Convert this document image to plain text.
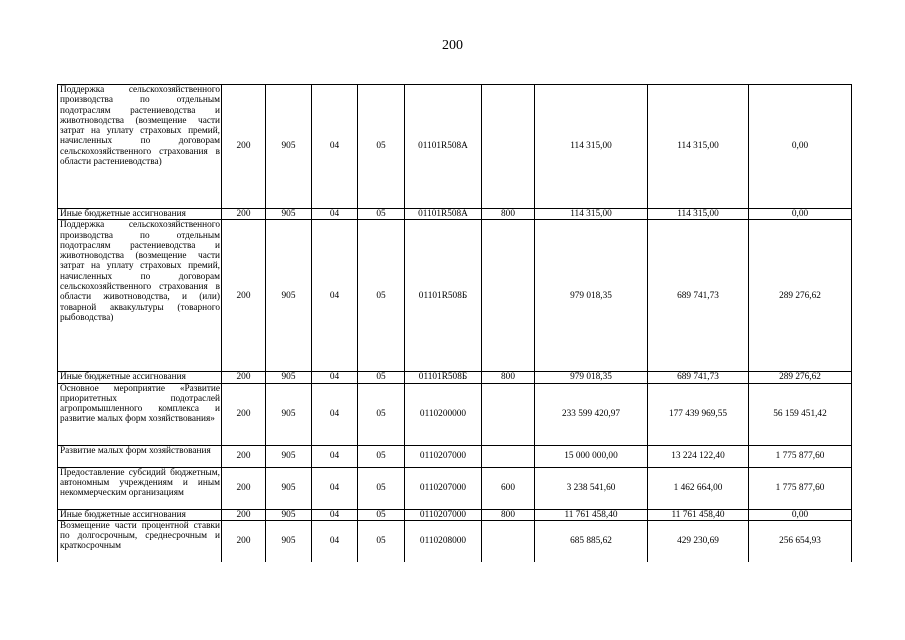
200
Поддержка сельскохозяйственного производства по отдельным подотраслям растениеводства и животноводства (возмещение части затрат на уплату страховых премий, начисленных по договорам сельскохозяйственного страхования в области растениеводства)	200	905	04	05	01101R508А		114 315,00	114 315,00	0,00
Иные бюджетные ассигнования	200	905	04	05	01101R508А	800	114 315,00	114 315,00	0,00
Поддержка сельскохозяйственного производства по отдельным подотраслям растениеводства и животноводства (возмещение части затрат на уплату страховых премий, начисленных по договорам сельскохозяйственного страхования в области животноводства, и (или) товарной аквакультуры (товарного рыбоводства)	200	905	04	05	01101R508Б		979 018,35	689 741,73	289 276,62
Иные бюджетные ассигнования	200	905	04	05	01101R508Б	800	979 018,35	689 741,73	289 276,62
Основное мероприятие «Развитие приоритетных подотраслей агропромышленного комплекса и развитие малых форм хозяйствования»	200	905	04	05	0110200000		233 599 420,97	177 439 969,55	56 159 451,42
Развитие малых форм хозяйствования	200	905	04	05	0110207000		15 000 000,00	13 224 122,40	1 775 877,60
Предоставление субсидий бюджетным, автономным учреждениям и иным некоммерческим организациям	200	905	04	05	0110207000	600	3 238 541,60	1 462 664,00	1 775 877,60
Иные бюджетные ассигнования	200	905	04	05	0110207000	800	11 761 458,40	11 761 458,40	0,00
Возмещение части процентной ставки по долгосрочным, среднесрочным и краткосрочным	200	905	04	05	0110208000		685 885,62	429 230,69	256 654,93
